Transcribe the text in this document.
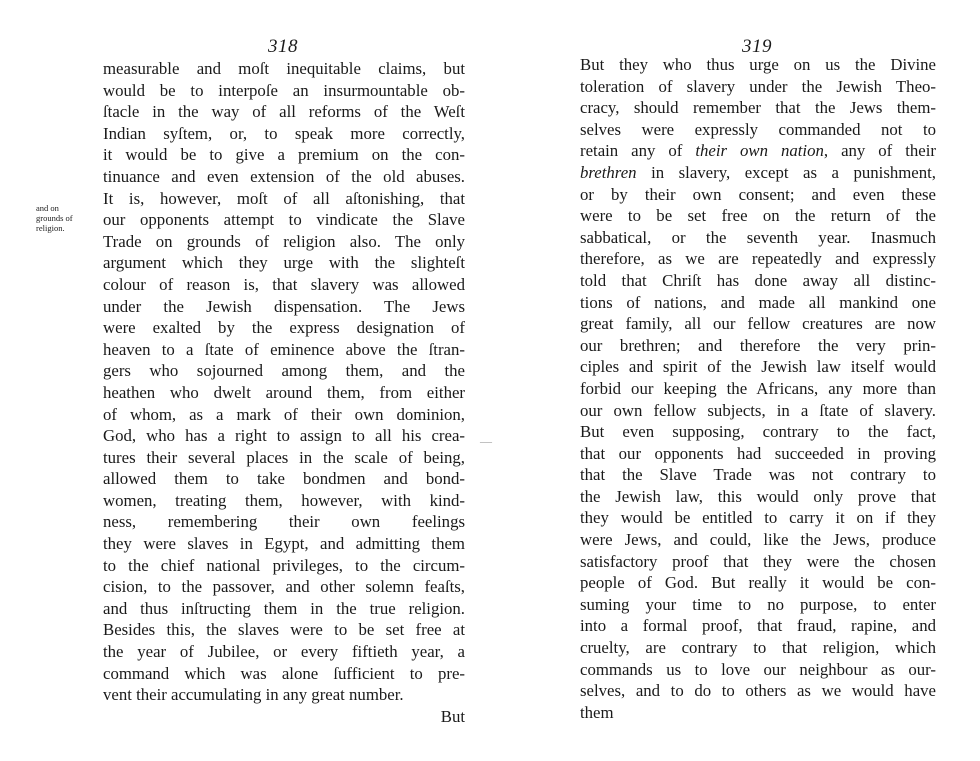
318
and on
grounds of
religion.
measurable and moſt inequitable claims, but
would be to interpoſe an insurmountable ob-
ſtacle in the way of all reforms of the Weſt
Indian syſtem, or, to speak more correctly,
it would be to give a premium on the con-
tinuance and even extension of the old abuses.
It is, however, moſt of all aſtonishing, that
our opponents attempt to vindicate the Slave
Trade on grounds of religion also. The only
argument which they urge with the slighteſt
colour of reason is, that slavery was allowed
under the Jewish dispensation. The Jews
were exalted by the express designation of
heaven to a ſtate of eminence above the ſtran-
gers who sojourned among them, and the
heathen who dwelt around them, from either
of whom, as a mark of their own dominion,
God, who has a right to assign to all his crea-
tures their several places in the scale of being,
allowed them to take bondmen and bond-
women, treating them, however, with kind-
ness, remembering their own feelings
they were slaves in Egypt, and admitting them
to the chief national privileges, to the circum-
cision, to the passover, and other solemn feaſts,
and thus inſtructing them in the true religion.
Besides this, the slaves were to be set free at
the year of Jubilee, or every fiftieth year, a
command which was alone ſufficient to pre-
vent their accumulating in any great number.
But
—
319
But they who thus urge on us the Divine
toleration of slavery under the Jewish Theo-
cracy, should remember that the Jews them-
selves were expressly commanded not to
retain any of their own nation, any of their
brethren in slavery, except as a punishment,
or by their own consent; and even these
were to be set free on the return of the
sabbatical, or the seventh year. Inasmuch
therefore, as we are repeatedly and expressly
told that Chriſt has done away all distinc-
tions of nations, and made all mankind one
great family, all our fellow creatures are now
our brethren; and therefore the very prin-
ciples and spirit of the Jewish law itself would
forbid our keeping the Africans, any more than
our own fellow subjects, in a ſtate of slavery.
But even supposing, contrary to the fact,
that our opponents had succeeded in proving
that the Slave Trade was not contrary to
the Jewish law, this would only prove that
they would be entitled to carry it on if they
were Jews, and could, like the Jews, produce
satisfactory proof that they were the chosen
people of God. But really it would be con-
suming your time to no purpose, to enter
into a formal proof, that fraud, rapine, and
cruelty, are contrary to that religion, which
commands us to love our neighbour as our-
selves, and to do to others as we would have
them
